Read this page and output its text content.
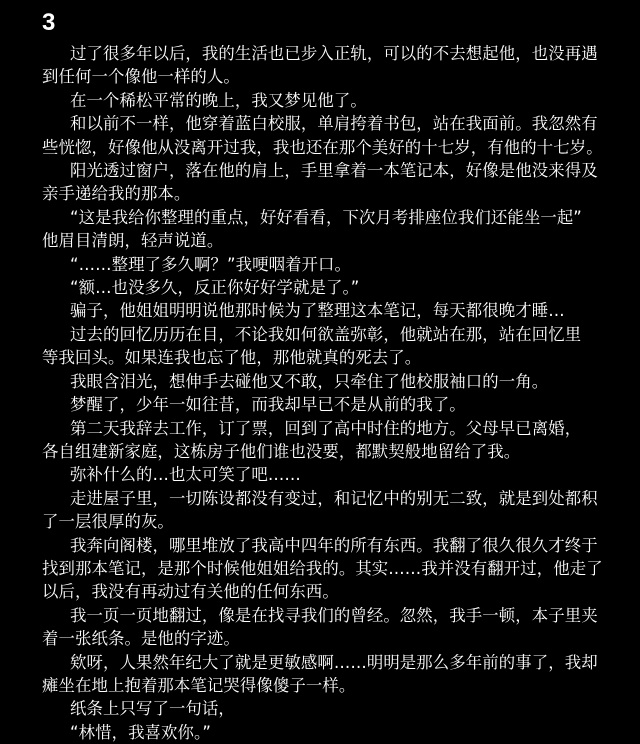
3

过了很多年以后，我的生活也已步入正轨，可以的不去想起他，也没再遇
到任何一个像他一样的人。

在一个稀松平常的晚上，我又梦见他了。

和以前不一样，他穿着蓝白校服，单肩挎着书包，站在我面前。我忽然有
些恍惚，好像他从没离开过我，我也还在那个美好的十七岁，有他的十七岁。

阳光透过窗户，落在他的肩上，手里拿着一本笔记本，好像是他没来得及
亲手递给我的那本。

“这是我给你整理的重点，好好看看，下次月考排座位我们还能坐一起”
他眉目清朗，轻声说道。

“……整理了多久啊？”我哽咽着开口。

“额…也没多久，反正你好好学就是了。”

骗子，他姐姐明明说他那时候为了整理这本笔记，每天都很晚才睡…

过去的回忆历历在目，不论我如何欲盖弥彰，他就站在那，站在回忆里
等我回头。如果连我也忘了他，那他就真的死去了。

我眼含泪光，想伸手去碰他又不敢，只牵住了他校服袖口的一角。

梦醒了，少年一如往昔，而我却早已不是从前的我了。

第二天我辞去工作，订了票，回到了高中时住的地方。父母早已离婚，
各自组建新家庭，这栋房子他们谁也没要，都默契般地留给了我。

弥补什么的…也太可笑了吧……

走进屋子里，一切陈设都没有变过，和记忆中的别无二致，就是到处都积
了一层很厚的灰。

我奔向阁楼，哪里堆放了我高中四年的所有东西。我翻了很久很久才终于
找到那本笔记，是那个时候他姐姐给我的。其实……我并没有翻开过，他走了
以后，我没有再动过有关他的任何东西。

我一页一页地翻过，像是在找寻我们的曾经。忽然，我手一顿，本子里夹
着一张纸条。是他的字迹。

欸呀，人果然年纪大了就是更敏感啊……明明是那么多年前的事了，我却
瘫坐在地上抱着那本笔记哭得像傻子一样。

纸条上只写了一句话，

“林惜，我喜欢你。”
